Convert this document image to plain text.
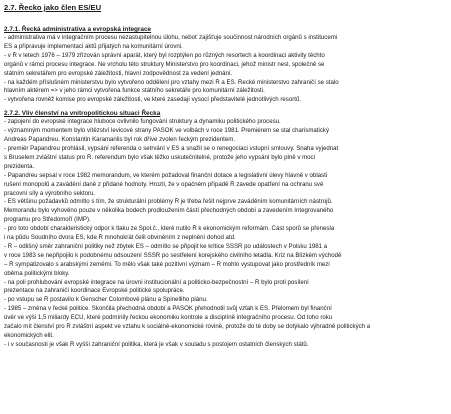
2.7. Řecko jako člen ES/EU
2.7.1. Řecká administrativa a evropská integrace
- administrativa má v integračním procesu nezastupitelnou úlohu, neboť zajišťuje součinnost národních orgánů s institucemi
ES a připravuje implementaci aktů přijatých na komunitární úrovni.
- v Ř v letech 1976 – 1979 zřízován správní aparát, který byl rozptýlen po různých resortech a koordinaci aktivity těchto
orgánů v rámci procesu integrace. Ne vrcholu této struktury Ministerstvo pro koordinaci, jehož ministr nesl, společně se
státním sekretářem pro evropské záležitosti, hlavní zodpovědnost za vedení jednání.
- na každém příslušném ministerstvu bylo vytvořeno oddělení pro vztahy mezi Ř a ES. Řecké ministerstvo zahraničí se stalo
hlavním aktérem => v jeho rámci vytvořena funkce státního sekretáře pro komunitární záležitosti.
- vytvořena rovněž komise pro evropské záležitosti, ve které zasedají vysocí představitelé jednotlivých resortů.
2.7.2. Vliv členství na vnitropolitickou situaci Řecka
- zapojení do evropské integrace hluboce ovlivnilo fungování struktury a dynamiku politického procesu.
- významným momentem bylo vítězství levicové strany PASOK ve volbách v roce 1981. Premiérem se stal charismatický
Andreas Papandreu. Konstantin Karamanlis byl rok dříve zvolen řeckým prezidentem.
- premiér Papandreu prohlásil, vypsání referenda o setrvání v ES a snažil se o renegociaci vstupní smlouvy. Snaha vyjednat
s Bruselem zvláštní status pro Ř. referendum bylo však těžko uskutečnitelné, protože jeho vypsání bylo plně v moci
prezidenta.
- Papandreu sepsal v roce 1982 memorandum, ve kterém požadoval finanční dotace a legislativní úlevy hlavně v oblasti
rušení monopolů a zavádění daně z přidané hodnoty. Hrozil, že v opačném případě Ř zavede opatření na ochranu své
pracovní síly a výrobního sektoru.
- ES většinu požadavků odmítlo s tím, že strukturální problémy Ř je třeba řešit nejprve zaváděním komunitárních nástrojů.
Memorandu bylo vyhověno pouze v několika bodech prodloužením částí přechodných období a zavedením Integrovaného
programu pro Středomoří (IMP).
- pro toto období charakteristický odpor k tlaku ze Spol.č., které nutilo Ř k ekonomickým reformám. Část sporů se přenesla
i na půdu Soudního dvora ES, kde Ř mnohokrát čelil obviněním z neplnění dohod atd.
- Ř – odlišný směr zahraniční politiky než zbytek ES – odmítlo se připojit ke kritice SSSR po událostech v Polsku 1981 a
v roce 1983 se nepřipojilo k podobnému odsouzení SSSR po sestřelení korejského civilního letadla. Kriz na Blízkém východě
– Ř sympatizovalo s arabskými zeměmi. To mělo však také pozitivní význam – Ř mohlo vystupovat jako prostředník mezi
oběma politickými bloky.
- na poli prohlubování evropské integrace na úrovni institucionální a politicko-bezpečnostní – Ř bylo proti posílení
prezentace na zahraničí koordinace Evropské politické spolupráce.
- po vstupu se Ř postavilo k Genscher Colombově plánu a Spinelliho plánu.
- 1985 – změna v řecké politice. Skončila přechodná období a PASOK přehodnotil svůj vztah k ES. Přelomem byl finanční
úvěr ve výši 1,5 miliardy ECU, které podmínily řeckou ekonomiku kontrole a disciplíně integračního procesu. Od toho roku
začalo mít členství pro Ř zvláštní aspekt ve vztahu k sociálně-ekonomické rovině, protože do té doby se dotýkalo výhradně politických a
ekonomických elit.
- i v současnosti je však Ř vyšší zahraniční politika, která je však v souladu s postojem ostatních členských států.
